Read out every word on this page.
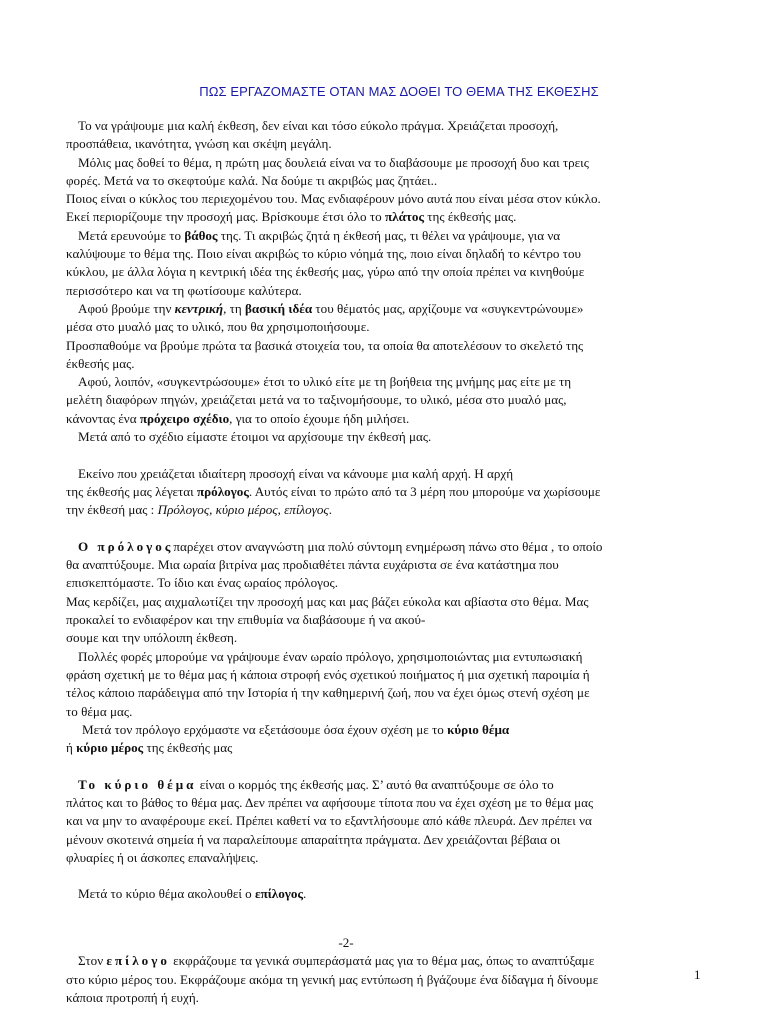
ΠΩΣ ΕΡΓΑΖΟΜΑΣΤΕ ΟΤΑΝ ΜΑΣ ΔΟΘΕΙ ΤΟ ΘΕΜΑ ΤΗΣ ΕΚΘΕΣΗΣ
Το να γράψουμε μια καλή έκθεση, δεν είναι και τόσο εύκολο πράγμα. Χρειάζεται προσοχή,
προσπάθεια, ικανότητα, γνώση και σκέψη μεγάλη.
Μόλις μας δοθεί το θέμα, η πρώτη μας δουλειά είναι να το διαβάσουμε με προσοχή δυο και τρεις
φορές. Μετά να το σκεφτούμε καλά. Να δούμε τι ακριβώς μας ζητάει..
Ποιος είναι ο κύκλος του περιεχομένου του. Μας ενδιαφέρουν μόνο αυτά που είναι μέσα στον κύκλο.
Εκεί περιορίζουμε την προσοχή μας. Βρίσκουμε έτσι όλο το πλάτος της έκθεσής μας.
Μετά ερευνούμε το βάθος της. Τι ακριβώς ζητά η έκθεσή μας, τι θέλει να γράψουμε, για να
καλύψουμε το θέμα της. Ποιο είναι ακριβώς το κύριο νόημά της, ποιο είναι δηλαδή το κέντρο του
κύκλου, με άλλα λόγια η κεντρική ιδέα της έκθεσής μας, γύρω από την οποία πρέπει να κινηθούμε
περισσότερο και να τη φωτίσουμε καλύτερα.
Αφού βρούμε την κεντρική, τη βασική ιδέα του θέματός μας, αρχίζουμε να «συγκεντρώνουμε»
μέσα στο μυαλό μας το υλικό, που θα χρησιμοποιήσουμε.
Προσπαθούμε να βρούμε πρώτα τα βασικά στοιχεία του, τα οποία θα αποτελέσουν το σκελετό της
έκθεσής μας.
Αφού, λοιπόν, «συγκεντρώσουμε» έτσι το υλικό είτε με τη βοήθεια της μνήμης μας είτε με τη
μελέτη διαφόρων πηγών, χρειάζεται μετά να το ταξινομήσουμε, το υλικό, μέσα στο μυαλό μας,
κάνοντας ένα πρόχειρο σχέδιο, για το οποίο έχουμε ήδη μιλήσει.
Μετά από το σχέδιο είμαστε έτοιμοι να αρχίσουμε την έκθεσή μας.
Εκείνο που χρειάζεται ιδιαίτερη προσοχή είναι να κάνουμε μια καλή αρχή. Η αρχή
της έκθεσής μας λέγεται πρόλογος. Αυτός είναι το πρώτο από τα 3 μέρη που μπορούμε να χωρίσουμε
την έκθεσή μας : Πρόλογος, κύριο μέρος, επίλογος.
Ο πρόλογοςπαρέχει στον αναγνώστη μια πολύ σύντομη ενημέρωση πάνω στο θέμα , το οποίο
θα αναπτύξουμε. Μια ωραία βιτρίνα μας προδιαθέτει πάντα ευχάριστα σε ένα κατάστημα που
επισκεπτόμαστε. Το ίδιο και ένας ωραίος πρόλογος.
Μας κερδίζει, μας αιχμαλωτίζει την προσοχή μας και μας βάζει εύκολα και αβίαστα στο θέμα. Μας
προκαλεί το ενδιαφέρον και την επιθυμία να διαβάσουμε ή να ακού-
σουμε και την υπόλοιπη έκθεση.
Πολλές φορές μπορούμε να γράψουμε έναν ωραίο πρόλογο, χρησιμοποιώντας μια εντυπωσιακή
φράση σχετική με το θέμα μας ή κάποια στροφή ενός σχετικού ποιήματος ή μια σχετική παροιμία ή
τέλος κάποιο παράδειγμα από την Ιστορία ή την καθημερινή ζωή, που να έχει όμως στενή σχέση με
το θέμα μας.
Μετά τον πρόλογο ερχόμαστε να εξετάσουμε όσα έχουν σχέση με το κύριο θέμα
ή κύριο μέρος της έκθεσής μας
Το κύριο θέμα είναι ο κορμός της έκθεσής μας. Σ’ αυτό θα αναπτύξουμε σε όλο το
πλάτος και το βάθος το θέμα μας. Δεν πρέπει να αφήσουμε τίποτα που να έχει σχέση με το θέμα μας
και να μην το αναφέρουμε εκεί. Πρέπει καθετί να το εξαντλήσουμε από κάθε πλευρά. Δεν πρέπει να
μένουν σκοτεινά σημεία ή να παραλείπουμε απαραίτητα πράγματα. Δεν χρειάζονται βέβαια οι
φλυαρίες ή οι άσκοπες επαναλήψεις.
Μετά το κύριο θέμα ακολουθεί ο επίλογος.
-2-
Στον επίλογο εκφράζουμε τα γενικά συμπεράσματά μας για το θέμα μας, όπως το αναπτύξαμε
στο κύριο μέρος του. Εκφράζουμε ακόμα τη γενική μας εντύπωση ή βγάζουμε ένα δίδαγμα ή δίνουμε
κάποια προτροπή ή ευχή.
1
